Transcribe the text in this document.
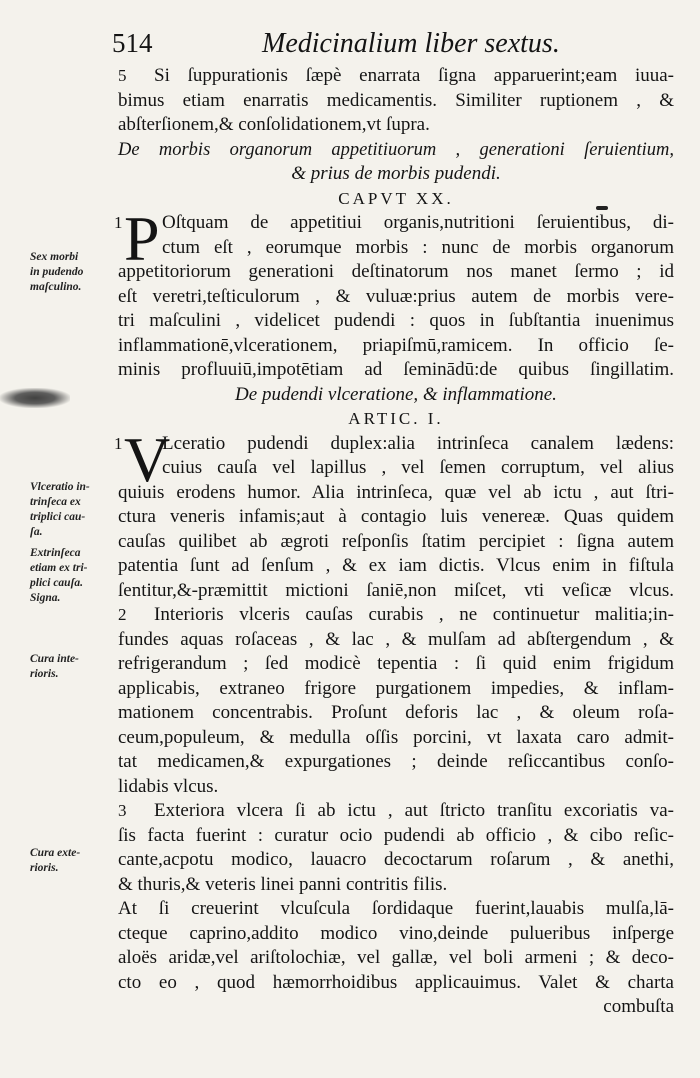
514	Medicinalium liber sextus.
5 Si ſuppurationis ſæpè enarrata ſigna apparuerint;eam iuua-
bimus etiam enarratis medicamentis. Similiter ruptionem , &
abſterſionem,& conſolidationem,vt ſupra.
De morbis organorum appetitiuorum , generationi ſeruientium,
& prius de morbis pudendi.
CAPVT XX.
1 P Oſtquam de appetitiui organis,nutritioni ſeruientibus, di-
ctum eſt , eorumque morbis : nunc de morbis organorum
appetitoriorum generationi deſtinatorum nos manet ſermo ; id
eſt veretri,teſticulorum , & vuluæ:prius autem de morbis vere-
tri maſculini , videlicet pudendi : quos in ſubſtantia inuenimus
inflammationē,vlcerationem, priapiſmū,ramicem. In officio ſe-
minis profluuiū,impotētiam ad ſeminādū:de quibus ſingillatim.
De pudendi vlceratione, & inflammatione.
ARTIC. I.
1 V
Lceratio pudendi duplex:alia intrinſeca canalem lædens:
cuius cauſa vel lapillus , vel ſemen corruptum, vel alius
quiuis erodens humor. Alia intrinſeca, quæ vel ab ictu , aut ſtri-
ctura veneris infamis;aut à contagio luis venereæ. Quas quidem
cauſas quilibet ab ægroti reſponſis ſtatim percipiet : ſigna autem
patentia ſunt ad ſenſum , & ex iam dictis. Vlcus enim in fiſtula
ſentitur,&-præmittit mictioni ſaniē,non miſcet, vti veſicæ vlcus.
2 Interioris vlceris cauſas curabis , ne continuetur malitia;in-
fundes aquas roſaceas , & lac , & mulſam ad abſtergendum , &
refrigerandum ; ſed modicè tepentia : ſi quid enim frigidum
applicabis, extraneo frigore purgationem impedies, & inflam-
mationem concentrabis. Proſunt deforis lac , & oleum roſa-
ceum,populeum, & medulla oſſis porcini, vt laxata caro admit-
tat medicamen,& expurgationes ; deinde reſiccantibus conſo-
lidabis vlcus.
3 Exteriora vlcera ſi ab ictu , aut ſtricto tranſitu excoriatis va-
ſis facta fuerint : curatur ocio pudendi ab officio , & cibo reſic-
cante,acpotu modico, lauacro decoctarum roſarum , & anethi,
& thuris,& veteris linei panni contritis filis.
At ſi creuerint vlcuſcula ſordidaque fuerint,lauabis mulſa,lā-
cteque caprino,addito modico vino,deinde pulueribus inſperge
aloës aridæ,vel ariſtolochiæ, vel gallæ, vel boli armeni ; & deco-
cto eo , quod hæmorrhoidibus applicauimus. Valet & charta
combuſta
Sex morbi
in pudendo
maſculino.
Vlceratio in-
trinſeca ex
triplici cau-
ſa.
Extrinſeca
etiam ex tri-
plici cauſa.
Signa.
Cura inte-
rioris.
Cura exte-
rioris.
